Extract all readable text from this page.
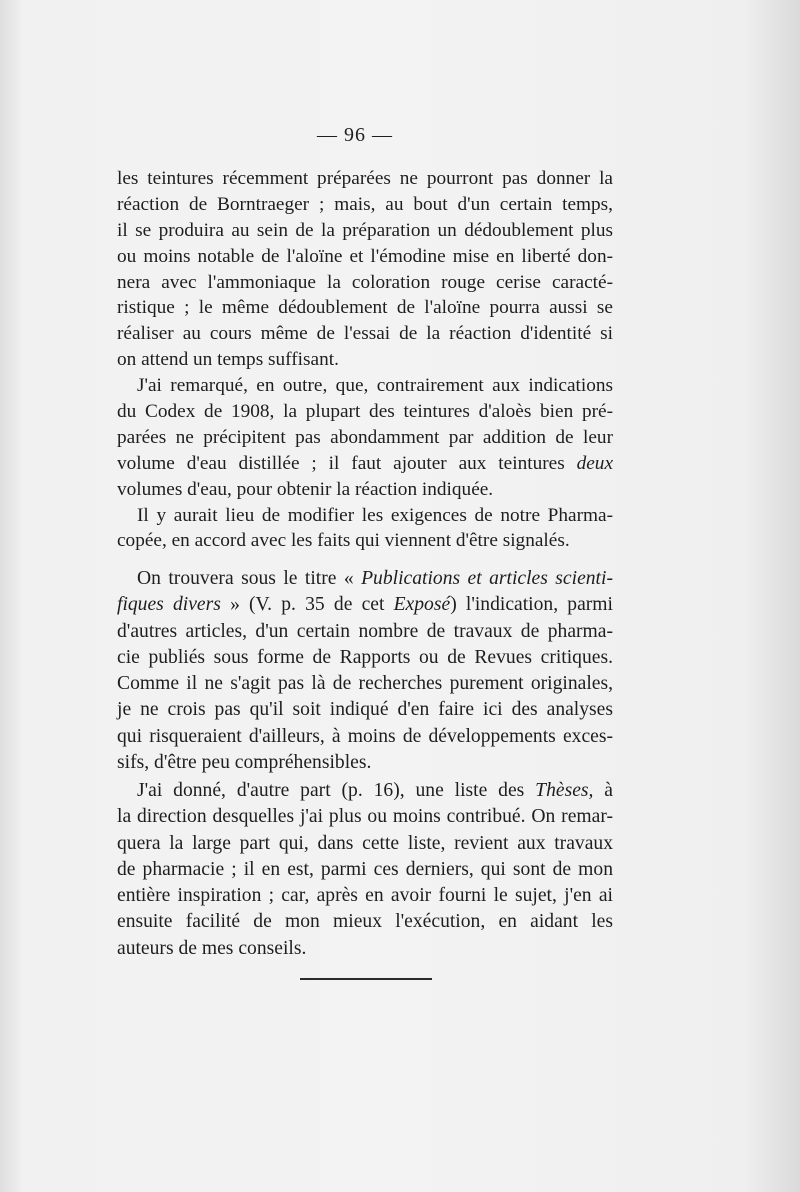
— 96 —
les teintures récemment préparées ne pourront pas donner la
réaction de Borntraeger ; mais, au bout d'un certain temps,
il se produira au sein de la préparation un dédoublement plus
ou moins notable de l'aloïne et l'émodine mise en liberté don-
nera avec l'ammoniaque la coloration rouge cerise caracté-
ristique ; le même dédoublement de l'aloïne pourra aussi se
réaliser au cours même de l'essai de la réaction d'identité si
on attend un temps suffisant.
J'ai remarqué, en outre, que, contrairement aux indications
du Codex de 1908, la plupart des teintures d'aloès bien pré-
parées ne précipitent pas abondamment par addition de leur
volume d'eau distillée ; il faut ajouter aux teintures deux
volumes d'eau, pour obtenir la réaction indiquée.
Il y aurait lieu de modifier les exigences de notre Pharma-
copée, en accord avec les faits qui viennent d'être signalés.
On trouvera sous le titre « Publications et articles scienti-
fiques divers » (V. p. 35 de cet Exposé) l'indication, parmi
d'autres articles, d'un certain nombre de travaux de pharma-
cie publiés sous forme de Rapports ou de Revues critiques.
Comme il ne s'agit pas là de recherches purement originales,
je ne crois pas qu'il soit indiqué d'en faire ici des analyses
qui risqueraient d'ailleurs, à moins de développements exces-
sifs, d'être peu compréhensibles.
J'ai donné, d'autre part (p. 16), une liste des Thèses, à
la direction desquelles j'ai plus ou moins contribué. On remar-
quera la large part qui, dans cette liste, revient aux travaux
de pharmacie ; il en est, parmi ces derniers, qui sont de mon
entière inspiration ; car, après en avoir fourni le sujet, j'en ai
ensuite facilité de mon mieux l'exécution, en aidant les
auteurs de mes conseils.
